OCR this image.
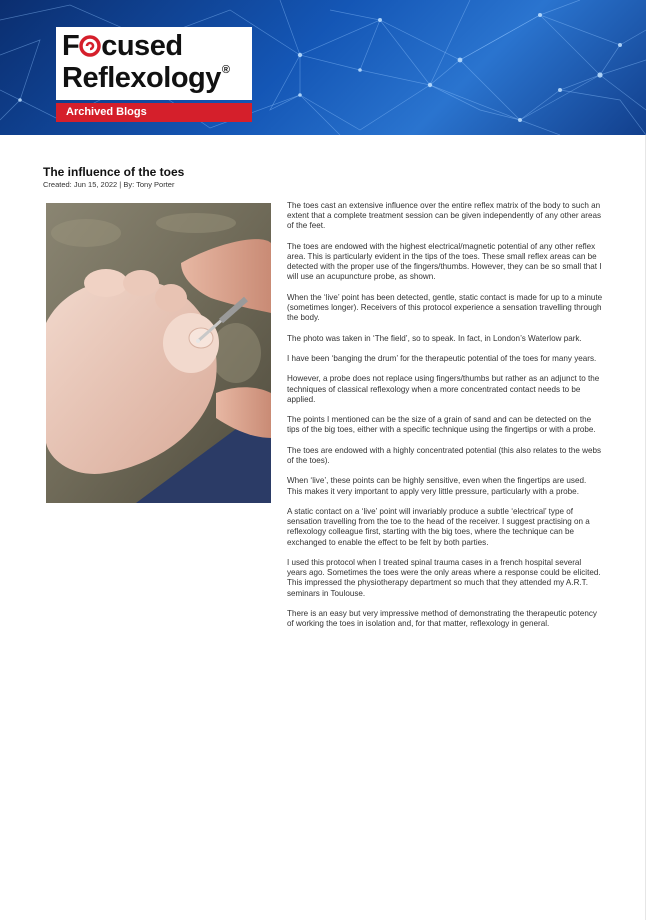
F cused
Reflexology®
Archived Blogs
The influence of the toes
Created: Jun 15, 2022 | By: Tony Porter

The toes cast an extensive influence over the entire reflex matrix of the body to such an extent that a complete treatment session can be given independently of any other areas of the feet.

The toes are endowed with the highest electrical/magnetic potential of any other reflex area. This is particularly evident in the tips of the toes. These small reflex areas can be detected with the proper use of the fingers/thumbs. However, they can be so small that I will use an acupuncture probe, as shown.

When the ‘live’ point has been detected, gentle, static contact is made for up to a minute (sometimes longer). Receivers of this protocol experience a sensation travelling through the body.

The photo was taken in ‘The field’, so to speak. In fact, in London’s Waterlow park.

I have been ‘banging the drum’ for the therapeutic potential of the toes for many years.

However, a probe does not replace using fingers/thumbs but rather as an adjunct to the techniques of classical reflexology when a more concentrated contact needs to be applied.

The points I mentioned can be the size of a grain of sand and can be detected on the tips of the big toes, either with a specific technique using the fingertips or with a probe.

The toes are endowed with a highly concentrated potential (this also relates to the webs of the toes).

When ‘live’, these points can be highly sensitive, even when the fingertips are used. This makes it very important to apply very little pressure, particularly with a probe.

A static contact on a ‘live’ point will invariably produce a subtle ‘electrical’ type of sensation travelling from the toe to the head of the receiver. I suggest practising on a reflexology colleague first, starting with the big toes, where the technique can be exchanged to enable the effect to be felt by both parties.

I used this protocol when I treated spinal trauma cases in a french hospital several years ago. Sometimes the toes were the only areas where a response could be elicited. This impressed the physiotherapy department so much that they attended my A.R.T. seminars in Toulouse.

There is an easy but very impressive method of demonstrating the therapeutic potency of working the toes in isolation and, for that matter, reflexology in general.
